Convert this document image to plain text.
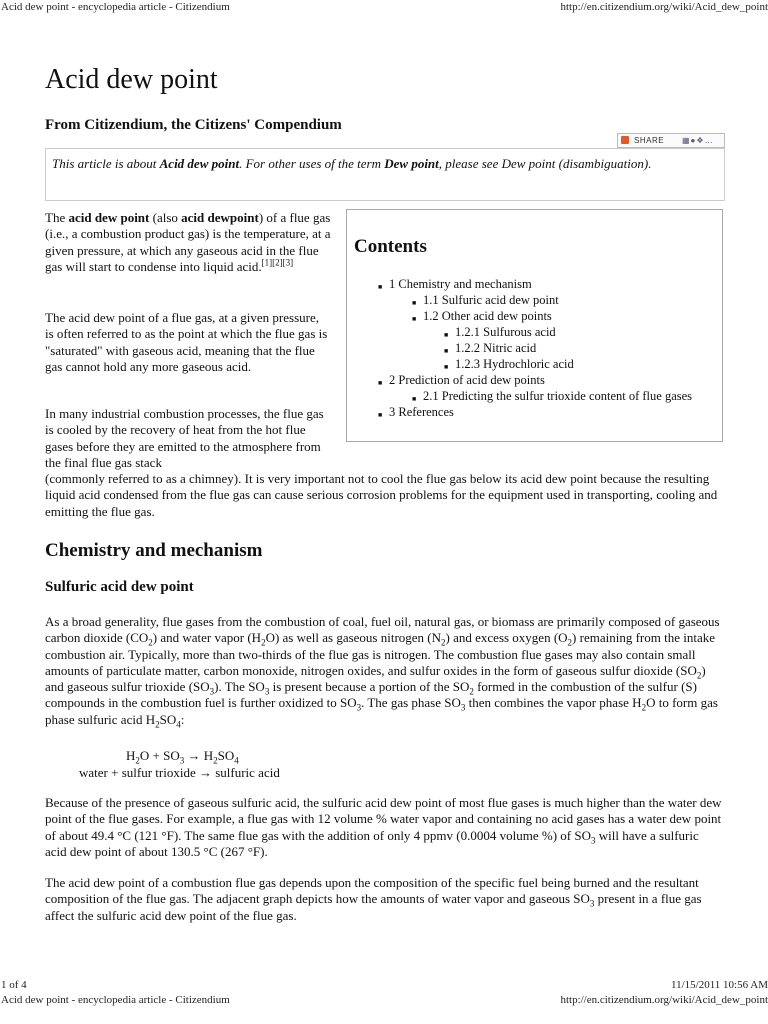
Acid dew point - encyclopedia article - Citizendium	http://en.citizendium.org/wiki/Acid_dew_point
Acid dew point
From Citizendium, the Citizens' Compendium
SHARE ▦●❖…
This article is about Acid dew point. For other uses of the term Dew point, please see Dew point (disambiguation).

The acid dew point (also acid dewpoint) of a flue gas (i.e., a combustion product gas) is the temperature, at a given pressure, at which any gaseous acid in the flue gas will start to condense into liquid acid.[1][2][3]

The acid dew point of a flue gas, at a given pressure, is often referred to as the point at which the flue gas is "saturated" with gaseous acid, meaning that the flue gas cannot hold any more gaseous acid.

Contents
■ 1 Chemistry and mechanism
■ 1.1 Sulfuric acid dew point
■ 1.2 Other acid dew points
■ 1.2.1 Sulfurous acid
■ 1.2.2 Nitric acid
■ 1.2.3 Hydrochloric acid
■ 2 Prediction of acid dew points
■ 2.1 Predicting the sulfur trioxide content of flue gases
■ 3 References
In many industrial combustion processes, the flue gas is cooled by the recovery of heat from the hot flue gases before they are emitted to the atmosphere from the final flue gas stack

(commonly referred to as a chimney). It is very important not to cool the flue gas below its acid dew point because the resulting liquid acid condensed from the flue gas can cause serious corrosion problems for the equipment used in transporting, cooling and emitting the flue gas.

Chemistry and mechanism
Sulfuric acid dew point

As a broad generality, flue gases from the combustion of coal, fuel oil, natural gas, or biomass are primarily composed of gaseous carbon dioxide $(CO_2)$ and water vapor $(H_2O)$ as well as gaseous nitrogen $(N_2)$ and excess oxygen $(O_2)$ remaining from the intake combustion air. Typically, more than two-thirds of the flue gas is nitrogen. The combustion flue gases may also contain small amounts of particulate matter, carbon monoxide, nitrogen oxides, and sulfur oxides in the form of gaseous sulfur dioxide $(SO_2)$ and gaseous sulfur trioxide $(SO_3)$. The $SO_3$ is present because a portion of the $SO_2$ formed in the combustion of the sulfur (S) compounds in the combustion fuel is further oxidized to $SO_3$. The gas phase $SO_3$ then combines the vapor phase $H_2O$ to form gas phase sulfuric acid $H_2SO_4$:

$H_2O + SO_3 \to H_2SO_4$
water + sulfur trioxide → sulfuric acid

Because of the presence of gaseous sulfuric acid, the sulfuric acid dew point of most flue gases is much higher than the water dew point of the flue gases. For example, a flue gas with 12 volume % water vapor and containing no acid gases has a water dew point of about 49.4 °C (121 °F). The same flue gas with the addition of only 4 ppmv (0.0004 volume %) of $SO_3$ will have a sulfuric acid dew point of about 130.5 °C (267 °F).

The acid dew point of a combustion flue gas depends upon the composition of the specific fuel being burned and the resultant composition of the flue gas. The adjacent graph depicts how the amounts of water vapor and gaseous $SO_3$ present in a flue gas affect the sulfuric acid dew point of the flue gas.

1 of 4	11/15/2011 10:56 AM
Acid dew point - encyclopedia article - Citizendium	http://en.citizendium.org/wiki/Acid_dew_point
